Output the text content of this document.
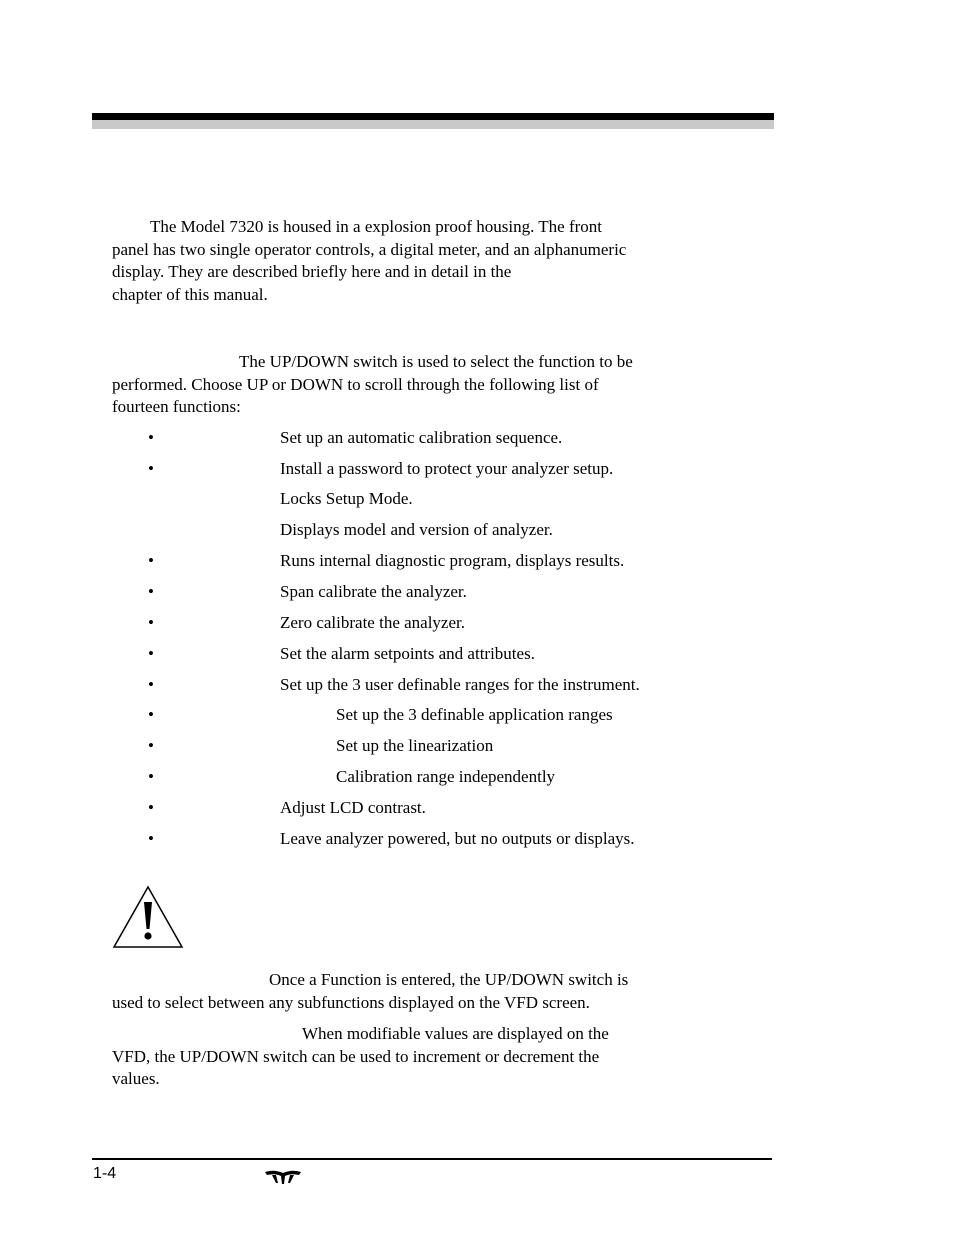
The Model 7320 is housed in a explosion proof housing. The front
panel has two single operator controls, a digital meter, and an alphanumeric
display. They are described briefly here and in detail in the
chapter of this manual.
The UP/DOWN switch is used to select the function to be
performed. Choose UP or DOWN to scroll through the following list of
fourteen functions:
•	Set up an automatic calibration sequence.
•	Install a password to protect your analyzer setup.
Locks Setup Mode.
Displays model and version of analyzer.
•	Runs internal diagnostic program, displays results.
•	Span calibrate the analyzer.
•	Zero calibrate the analyzer.
•	Set the alarm setpoints and attributes.
•	Set up the 3 user definable ranges for the instrument.
•	Set up the 3 definable application ranges
•	Set up the linearization
•	Calibration range independently
•	Adjust LCD contrast.
•	Leave analyzer powered, but no outputs or displays.
Once a Function is entered, the UP/DOWN switch is
used to select between any subfunctions displayed on the VFD screen.
When modifiable values are displayed on the
VFD, the UP/DOWN switch can be used to increment or decrement the
values.
1-4
